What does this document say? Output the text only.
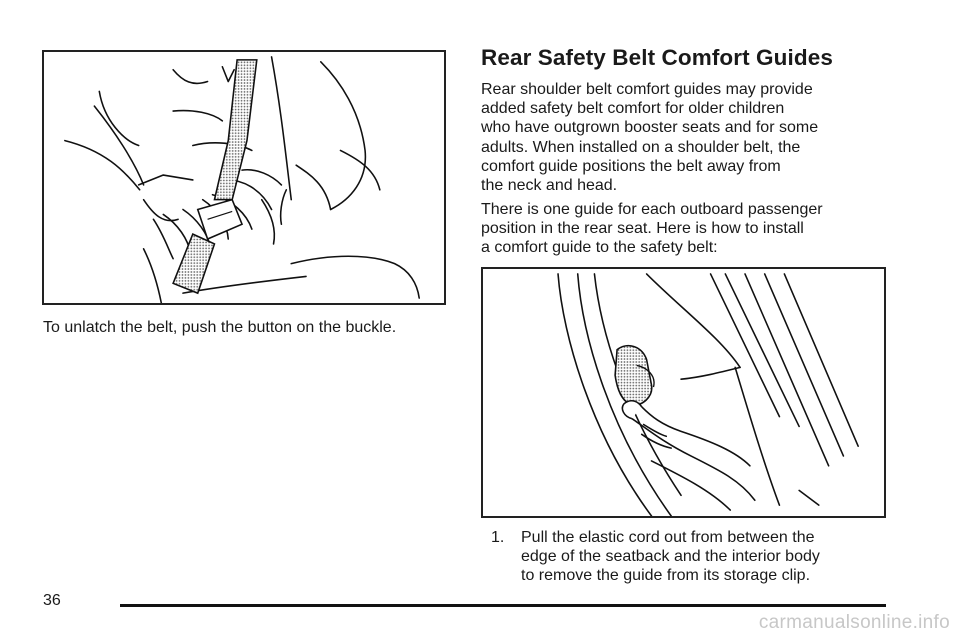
To unlatch the belt, push the button on the buckle.

Rear Safety Belt Comfort Guides

Rear shoulder belt comfort guides may provide
added safety belt comfort for older children
who have outgrown booster seats and for some
adults. When installed on a shoulder belt, the
comfort guide positions the belt away from
the neck and head.

There is one guide for each outboard passenger
position in the rear seat. Here is how to install
a comfort guide to the safety belt:

1.	Pull the elastic cord out from between the
edge of the seatback and the interior body
to remove the guide from its storage clip.

36

carmanualsonline.info
